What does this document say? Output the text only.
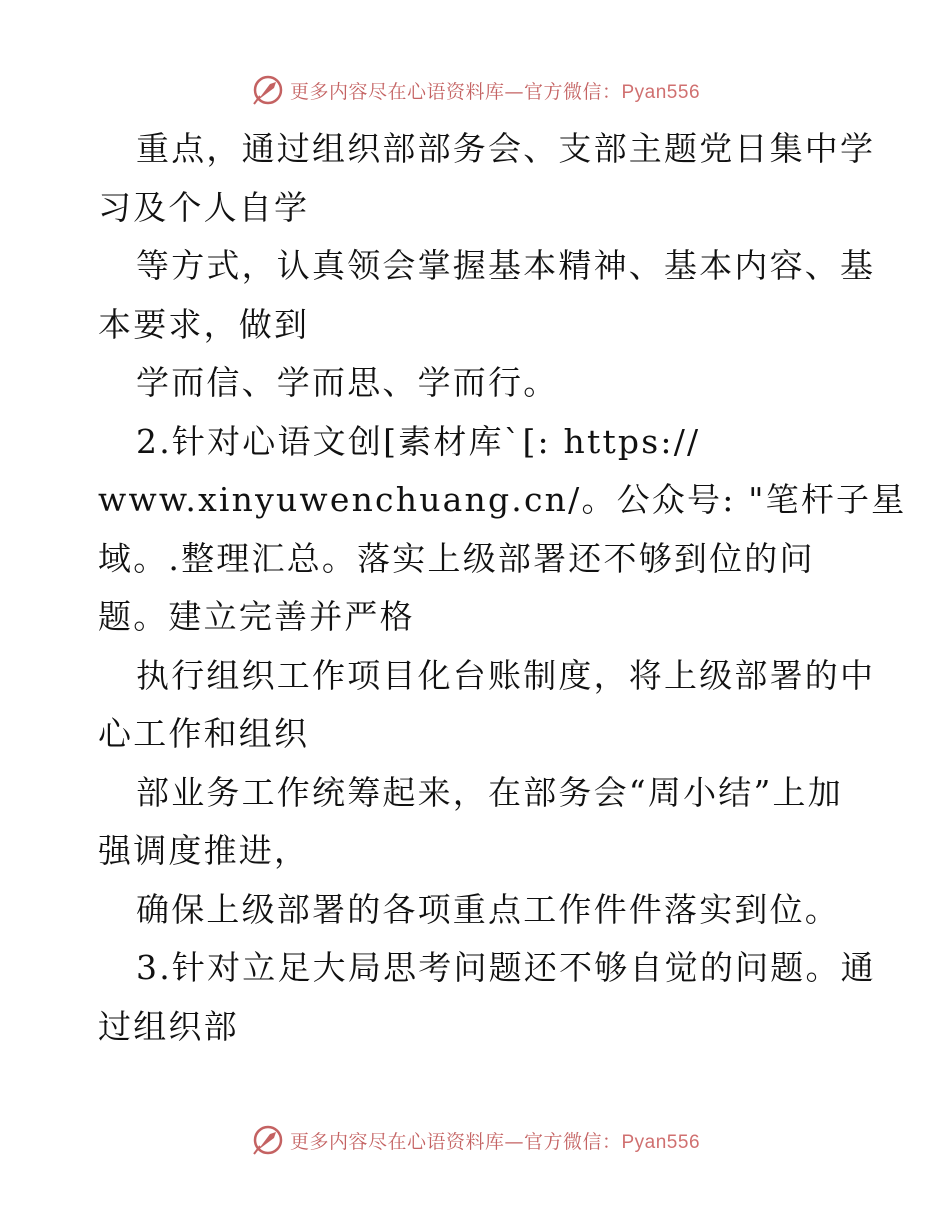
更多内容尽在心语资料库—官方微信：Pyan556
重点，通过组织部部务会、支部主题党日集中学
习及个人自学
等方式，认真领会掌握基本精神、基本内容、基
本要求，做到
学而信、学而思、学而行。
2.针对心语文创[素材库`[: https://
www.xinyuwenchuang.cn/。公众号: "笔杆子星
域。.整理汇总。落实上级部署还不够到位的问
题。建立完善并严格
执行组织工作项目化台账制度，将上级部署的中
心工作和组织
部业务工作统筹起来，在部务会“周小结”上加
强调度推进，
确保上级部署的各项重点工作件件落实到位。
3.针对立足大局思考问题还不够自觉的问题。通
过组织部
更多内容尽在心语资料库—官方微信：Pyan556
